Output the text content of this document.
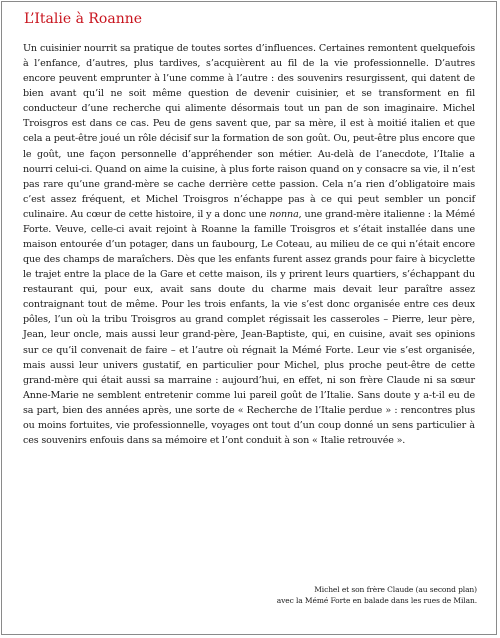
L’Italie à Roanne

Un cuisinier nourrit sa pratique de toutes sortes d’influences. Certaines remontent quelquefois à l’enfance, d’autres, plus tardives, s’acquièrent au fil de la vie professionnelle. D’autres encore peuvent emprunter à l’une comme à l’autre : des souvenirs resurgissent, qui datent de bien avant qu’il ne soit même question de devenir cuisinier, et se transforment en fil conducteur d’une recherche qui alimente désormais tout un pan de son imaginaire. Michel Troisgros est dans ce cas. Peu de gens savent que, par sa mère, il est à moitié italien et que cela a peut-être joué un rôle décisif sur la formation de son goût. Ou, peut-être plus encore que le goût, une façon personnelle d’appréhender son métier. Au-delà de l’anecdote, l’Italie a nourri celui-ci. Quand on aime la cuisine, à plus forte raison quand on y consacre sa vie, il n’est pas rare qu’une grand-mère se cache derrière cette passion. Cela n’a rien d’obligatoire mais c’est assez fréquent, et Michel Troisgros n’échappe pas à ce qui peut sembler un poncif culinaire. Au cœur de cette histoire, il y a donc une nonna, une grand-mère italienne : la Mémé Forte. Veuve, celle-ci avait rejoint à Roanne la famille Troisgros et s’était installée dans une maison entourée d’un potager, dans un faubourg, Le Coteau, au milieu de ce qui n’était encore que des champs de maraîchers. Dès que les enfants furent assez grands pour faire à bicyclette le trajet entre la place de la Gare et cette maison, ils y prirent leurs quartiers, s’échappant du restaurant qui, pour eux, avait sans doute du charme mais devait leur paraître assez contraignant tout de même. Pour les trois enfants, la vie s’est donc organisée entre ces deux pôles, l’un où la tribu Troisgros au grand complet régissait les casseroles – Pierre, leur père, Jean, leur oncle, mais aussi leur grand-père, Jean-Baptiste, qui, en cuisine, avait ses opinions sur ce qu’il convenait de faire – et l’autre où régnait la Mémé Forte. Leur vie s’est organisée, mais aussi leur univers gustatif, en particulier pour Michel, plus proche peut-être de cette grand-mère qui était aussi sa marraine : aujourd’hui, en effet, ni son frère Claude ni sa sœur Anne-Marie ne semblent entretenir comme lui pareil goût de l’Italie. Sans doute y a-t-il eu de sa part, bien des années après, une sorte de « Recherche de l’Italie perdue » : rencontres plus ou moins fortuites, vie professionnelle, voyages ont tout d’un coup donné un sens particulier à ces souvenirs enfouis dans sa mémoire et l’ont conduit à son « Italie retrouvée ».

Michel et son frère Claude (au second plan)
avec la Mémé Forte en balade dans les rues de Milan.
